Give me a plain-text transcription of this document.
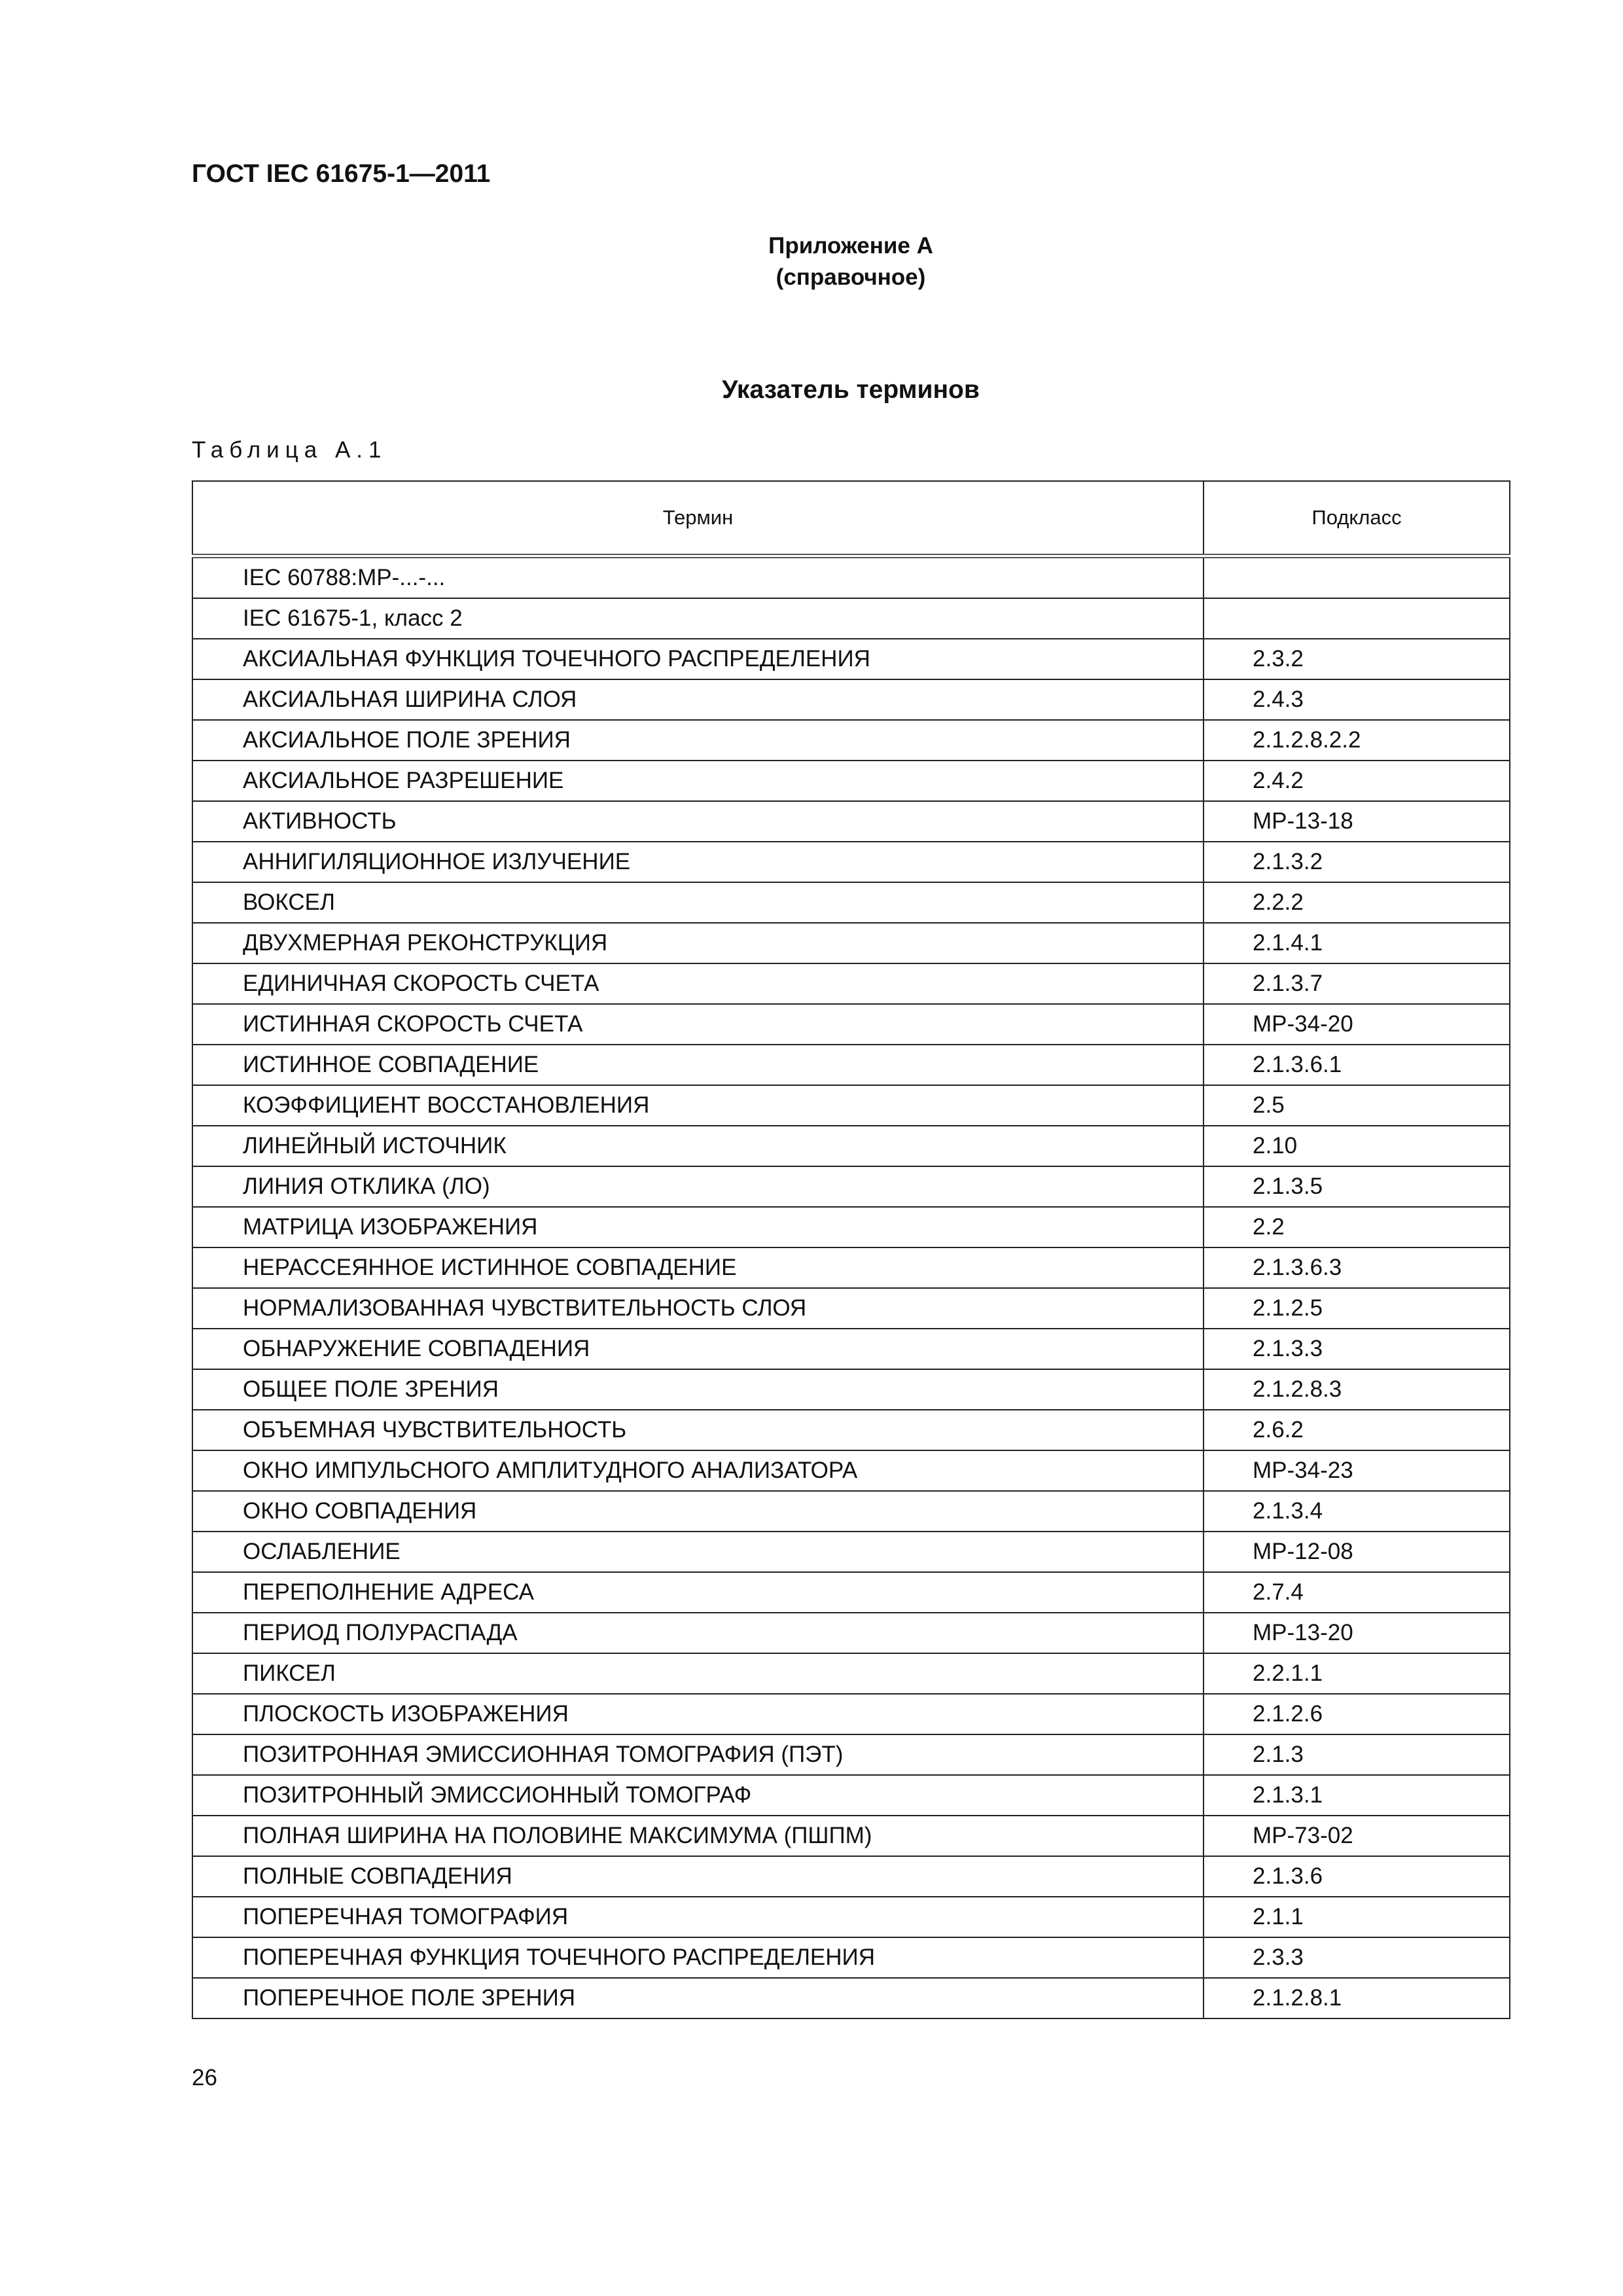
ГОСТ IEC 61675-1—2011
Приложение А
(справочное)
Указатель терминов
Таблица А.1
Термин	Подкласс
IEC 60788:МР-...-...	
IEC 61675-1, класс 2	
АКСИАЛЬНАЯ ФУНКЦИЯ ТОЧЕЧНОГО РАСПРЕДЕЛЕНИЯ	2.3.2
АКСИАЛЬНАЯ ШИРИНА СЛОЯ	2.4.3
АКСИАЛЬНОЕ ПОЛЕ ЗРЕНИЯ	2.1.2.8.2.2
АКСИАЛЬНОЕ РАЗРЕШЕНИЕ	2.4.2
АКТИВНОСТЬ	МР-13-18
АННИГИЛЯЦИОННОЕ ИЗЛУЧЕНИЕ	2.1.3.2
ВОКСЕЛ	2.2.2
ДВУХМЕРНАЯ РЕКОНСТРУКЦИЯ	2.1.4.1
ЕДИНИЧНАЯ СКОРОСТЬ СЧЕТА	2.1.3.7
ИСТИННАЯ СКОРОСТЬ СЧЕТА	МР-34-20
ИСТИННОЕ СОВПАДЕНИЕ	2.1.3.6.1
КОЭФФИЦИЕНТ ВОССТАНОВЛЕНИЯ	2.5
ЛИНЕЙНЫЙ ИСТОЧНИК	2.10
ЛИНИЯ ОТКЛИКА (ЛО)	2.1.3.5
МАТРИЦА ИЗОБРАЖЕНИЯ	2.2
НЕРАССЕЯННОЕ ИСТИННОЕ СОВПАДЕНИЕ	2.1.3.6.3
НОРМАЛИЗОВАННАЯ ЧУВСТВИТЕЛЬНОСТЬ СЛОЯ	2.1.2.5
ОБНАРУЖЕНИЕ СОВПАДЕНИЯ	2.1.3.3
ОБЩЕЕ ПОЛЕ ЗРЕНИЯ	2.1.2.8.3
ОБЪЕМНАЯ ЧУВСТВИТЕЛЬНОСТЬ	2.6.2
ОКНО ИМПУЛЬСНОГО АМПЛИТУДНОГО АНАЛИЗАТОРА	МР-34-23
ОКНО СОВПАДЕНИЯ	2.1.3.4
ОСЛАБЛЕНИЕ	МР-12-08
ПЕРЕПОЛНЕНИЕ АДРЕСА	2.7.4
ПЕРИОД ПОЛУРАСПАДА	МР-13-20
ПИКСЕЛ	2.2.1.1
ПЛОСКОСТЬ ИЗОБРАЖЕНИЯ	2.1.2.6
ПОЗИТРОННАЯ ЭМИССИОННАЯ ТОМОГРАФИЯ (ПЭТ)	2.1.3
ПОЗИТРОННЫЙ ЭМИССИОННЫЙ ТОМОГРАФ	2.1.3.1
ПОЛНАЯ ШИРИНА НА ПОЛОВИНЕ МАКСИМУМА (ПШПМ)	МР-73-02
ПОЛНЫЕ СОВПАДЕНИЯ	2.1.3.6
ПОПЕРЕЧНАЯ ТОМОГРАФИЯ	2.1.1
ПОПЕРЕЧНАЯ ФУНКЦИЯ ТОЧЕЧНОГО РАСПРЕДЕЛЕНИЯ	2.3.3
ПОПЕРЕЧНОЕ ПОЛЕ ЗРЕНИЯ	2.1.2.8.1
26
